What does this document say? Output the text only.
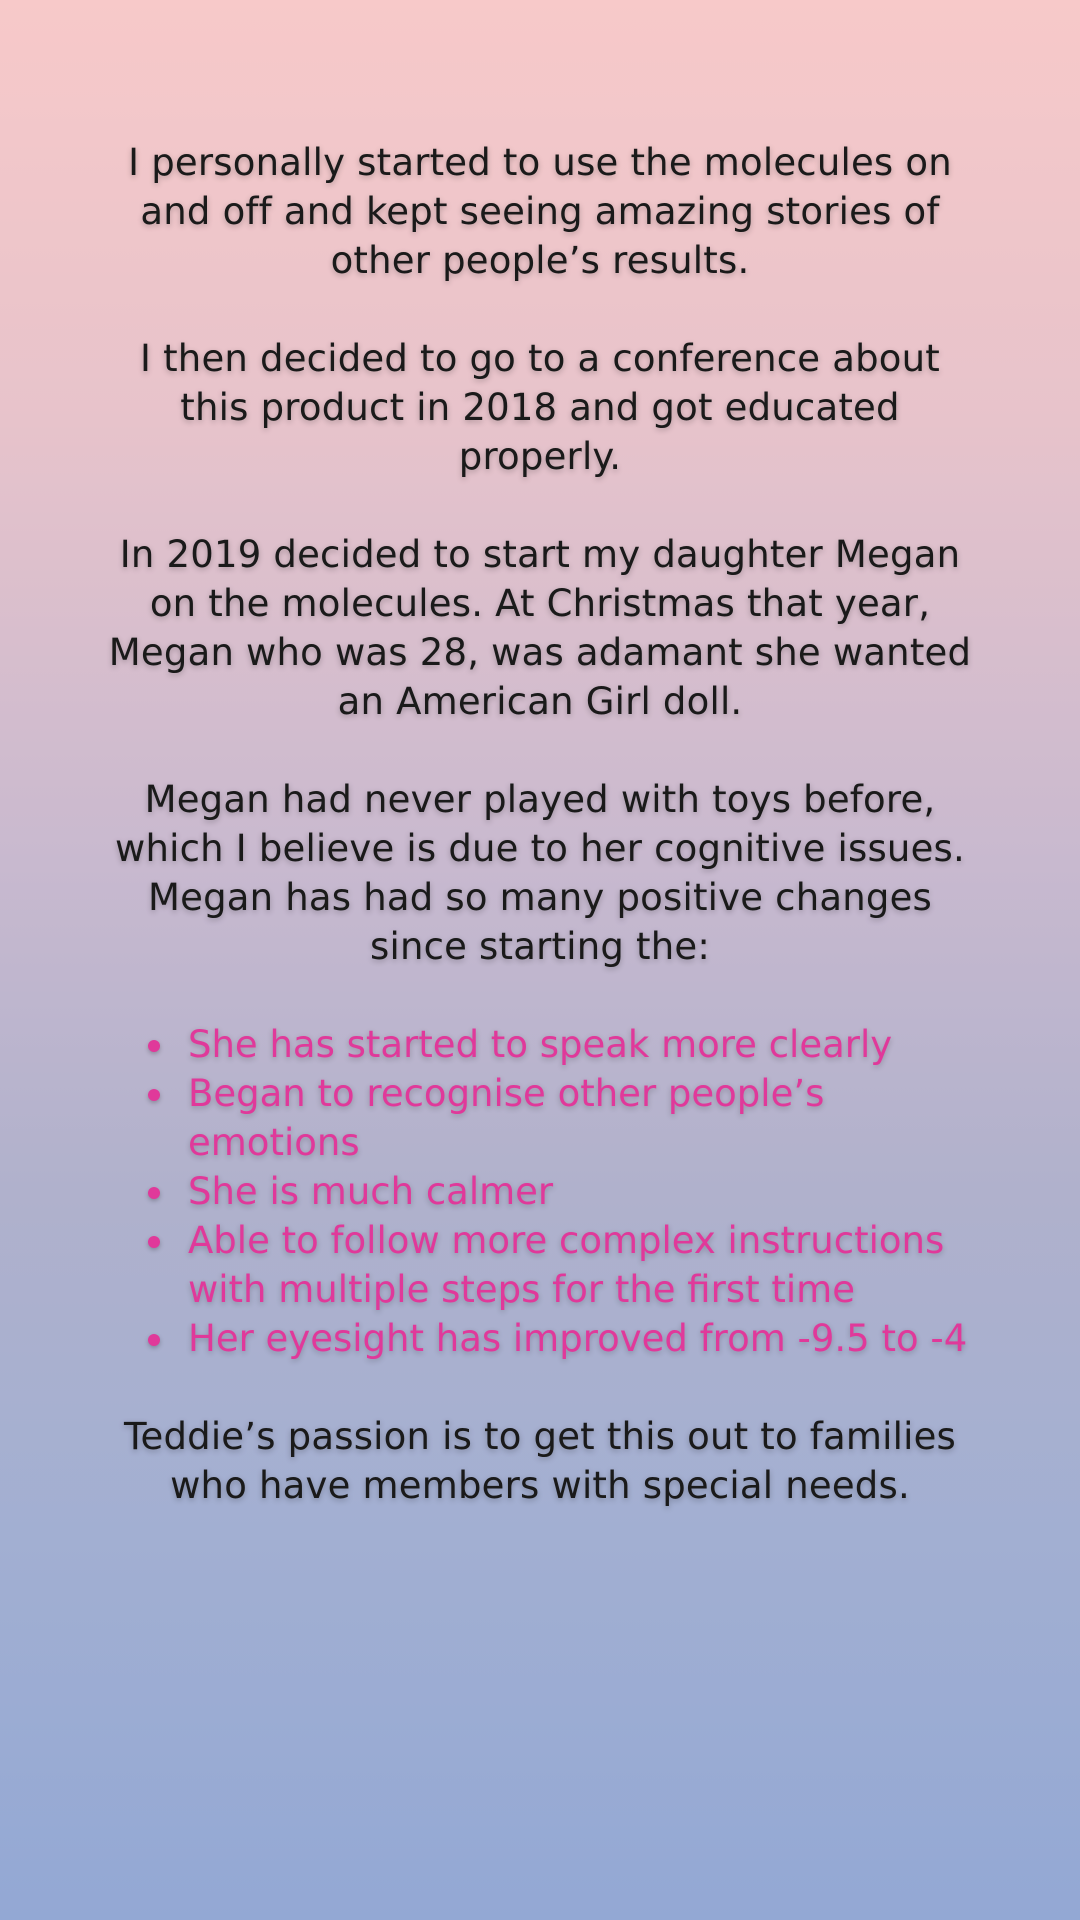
I personally started to use the molecules on and off and kept seeing amazing stories of other people’s results.

I then decided to go to a conference about this product in 2018 and got educated properly.

In 2019 decided to start my daughter Megan on the molecules. At Christmas that year, Megan who was 28, was adamant she wanted an American Girl doll.

Megan had never played with toys before, which I believe is due to her cognitive issues. Megan has had so many positive changes since starting the:

She has started to speak more clearly
Began to recognise other people’s emotions
She is much calmer
Able to follow more complex instructions with multiple steps for the first time
Her eyesight has improved from -9.5 to -4

Teddie’s passion is to get this out to families who have members with special needs.
